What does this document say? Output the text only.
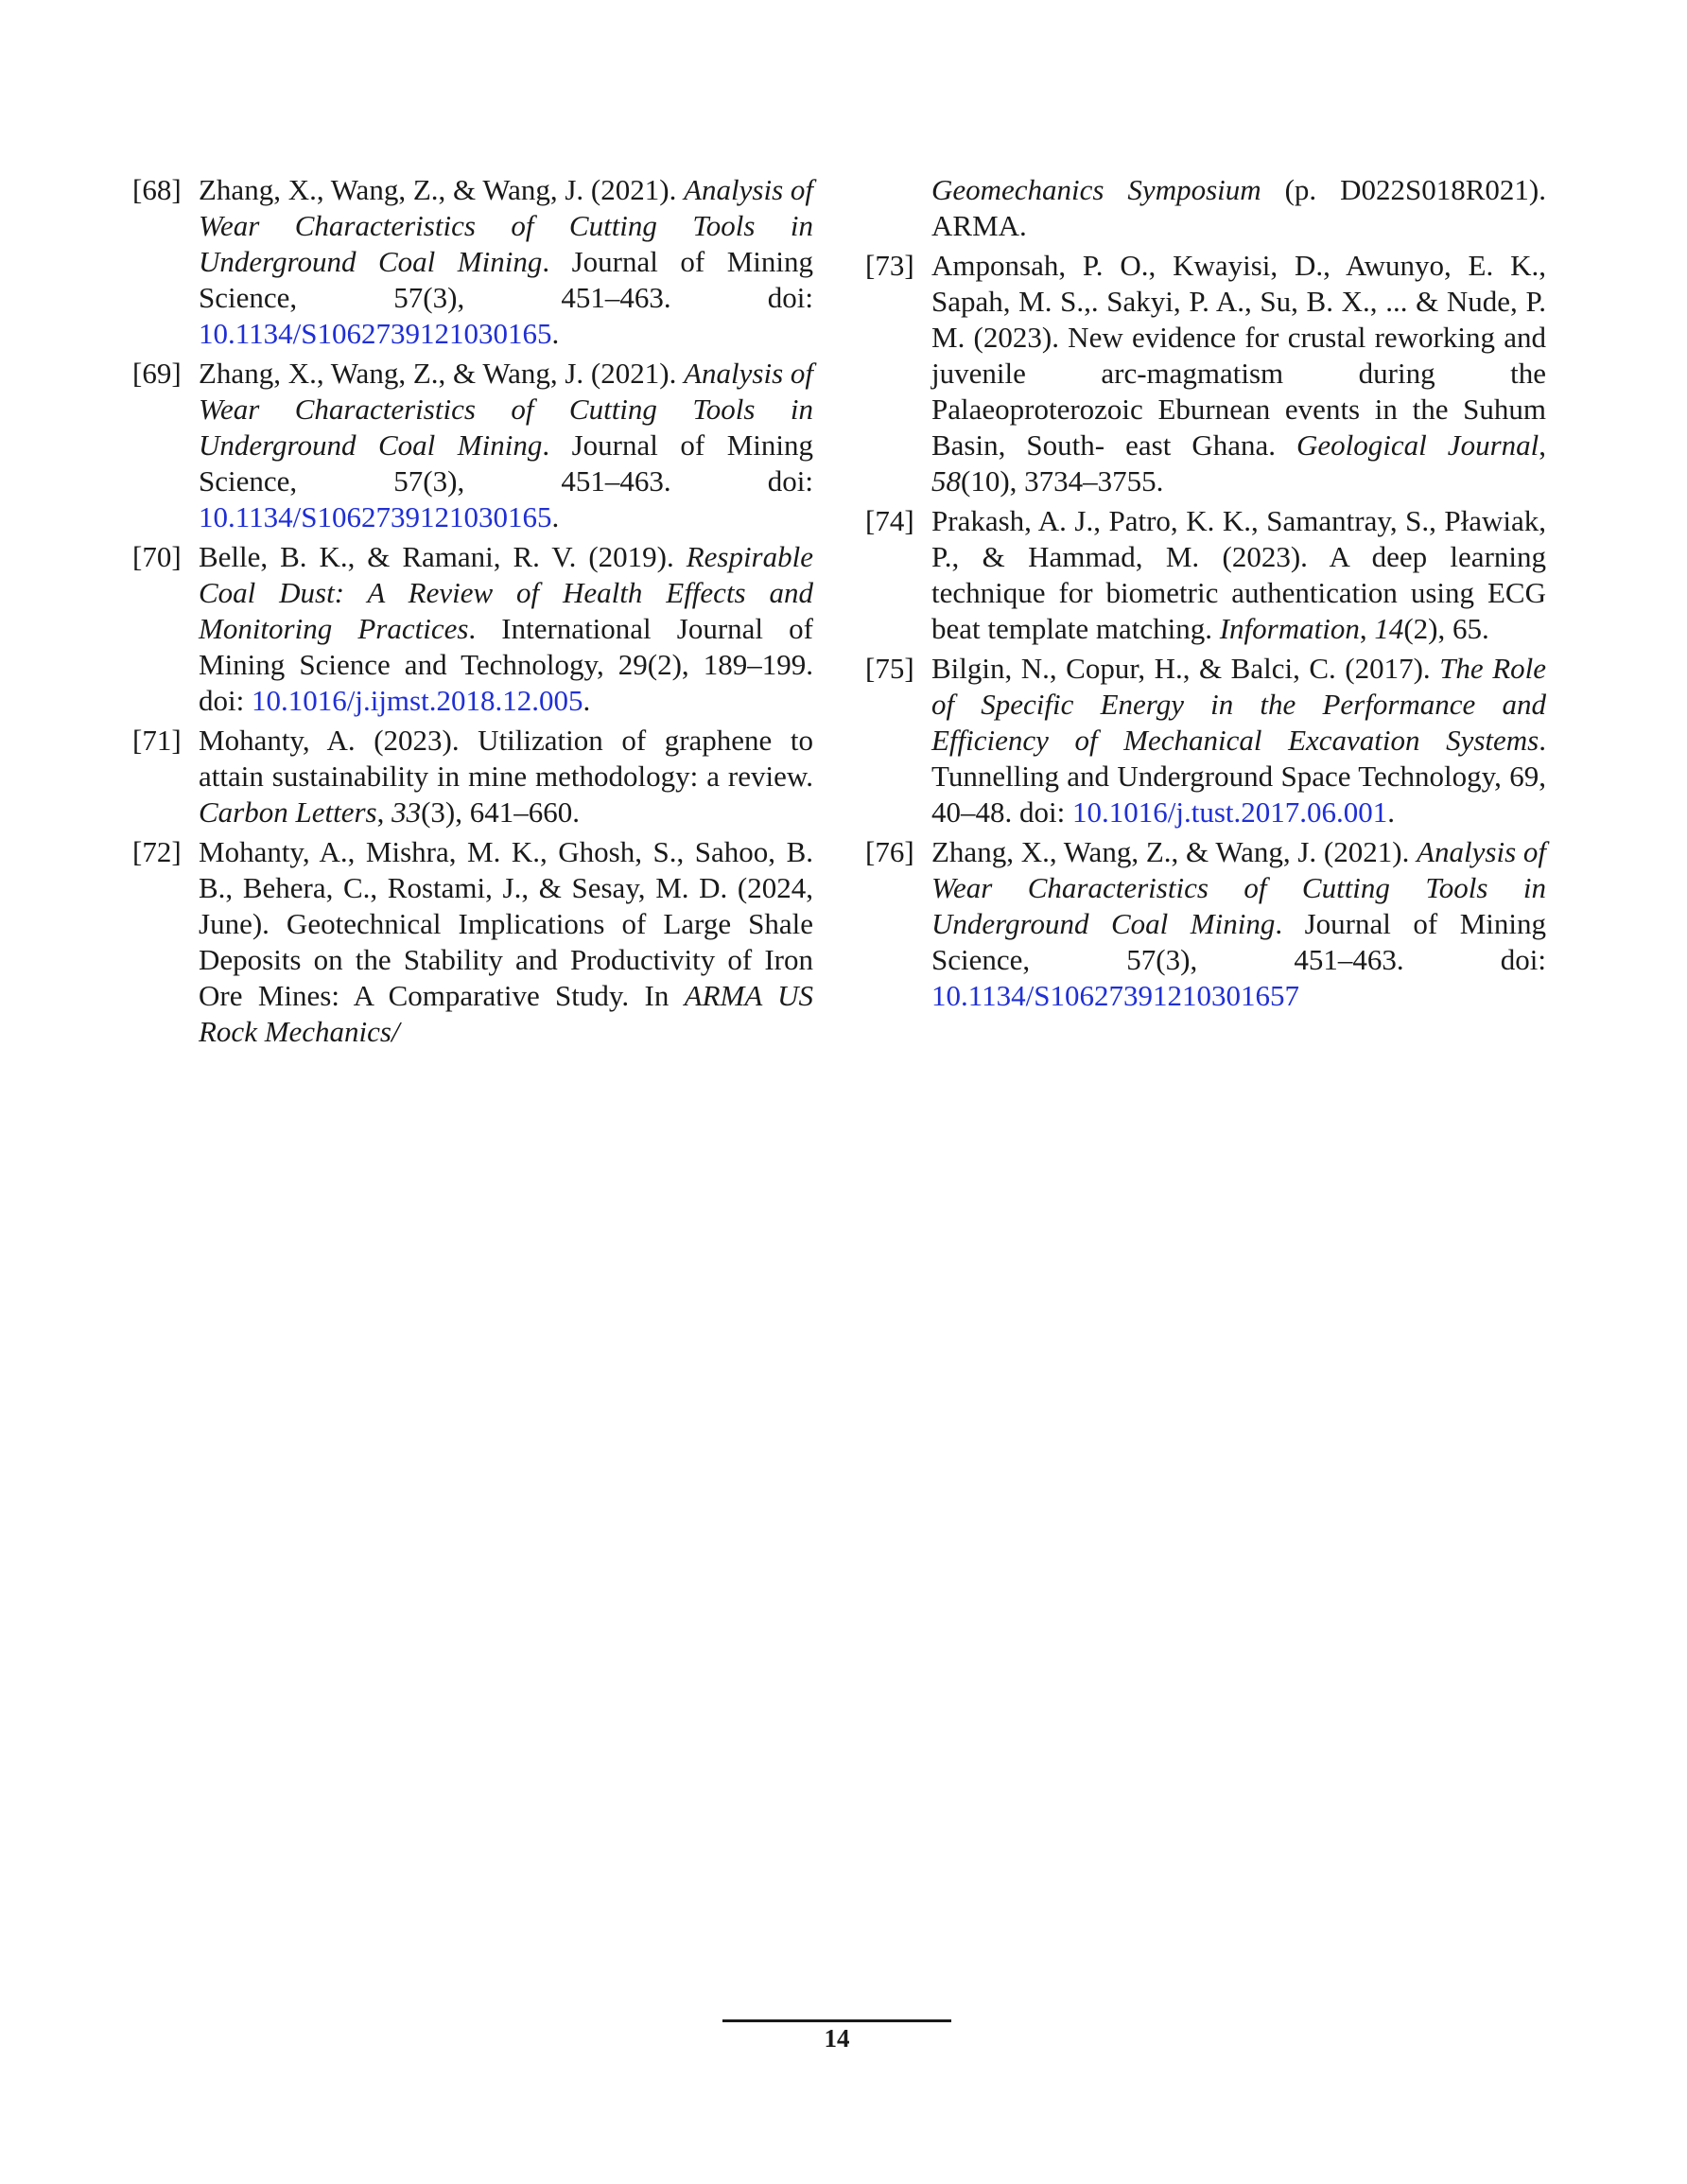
[68] Zhang, X., Wang, Z., & Wang, J. (2021). Analysis of Wear Characteristics of Cutting Tools in Underground Coal Mining. Journal of Mining Science, 57(3), 451–463. doi: 10.1134/S1062739121030165.
[69] Zhang, X., Wang, Z., & Wang, J. (2021). Analysis of Wear Characteristics of Cutting Tools in Underground Coal Mining. Journal of Mining Science, 57(3), 451–463. doi: 10.1134/S1062739121030165.
[70] Belle, B. K., & Ramani, R. V. (2019). Respirable Coal Dust: A Review of Health Effects and Monitoring Practices. International Journal of Mining Science and Technology, 29(2), 189–199. doi: 10.1016/j.ijmst.2018.12.005.
[71] Mohanty, A. (2023). Utilization of graphene to attain sustainability in mine methodology: a review. Carbon Letters, 33(3), 641–660.
[72] Mohanty, A., Mishra, M. K., Ghosh, S., Sahoo, B. B., Behera, C., Rostami, J., & Sesay, M. D. (2024, June). Geotechnical Implications of Large Shale Deposits on the Stability and Productivity of Iron Ore Mines: A Comparative Study. In ARMA US Rock Mechanics/
Geomechanics Symposium (p. D022S018R021). ARMA.
[73] Amponsah, P. O., Kwayisi, D., Awunyo, E. K., Sapah, M. S.,. Sakyi, P. A., Su, B. X., ... & Nude, P. M. (2023). New evidence for crustal reworking and juvenile arc-magmatism during the Palaeoproterozoic Eburnean events in the Suhum Basin, South- east Ghana. Geological Journal, 58(10), 3734–3755.
[74] Prakash, A. J., Patro, K. K., Samantray, S., Pławiak, P., & Hammad, M. (2023). A deep learning technique for biometric authentication using ECG beat template matching. Information, 14(2), 65.
[75] Bilgin, N., Copur, H., & Balci, C. (2017). The Role of Specific Energy in the Performance and Efficiency of Mechanical Excavation Systems. Tunnelling and Underground Space Technology, 69, 40–48. doi: 10.1016/j.tust.2017.06.001.
[76] Zhang, X., Wang, Z., & Wang, J. (2021). Analysis of Wear Characteristics of Cutting Tools in Underground Coal Mining. Journal of Mining Science, 57(3), 451–463. doi: 10.1134/S10627391210301657
14
